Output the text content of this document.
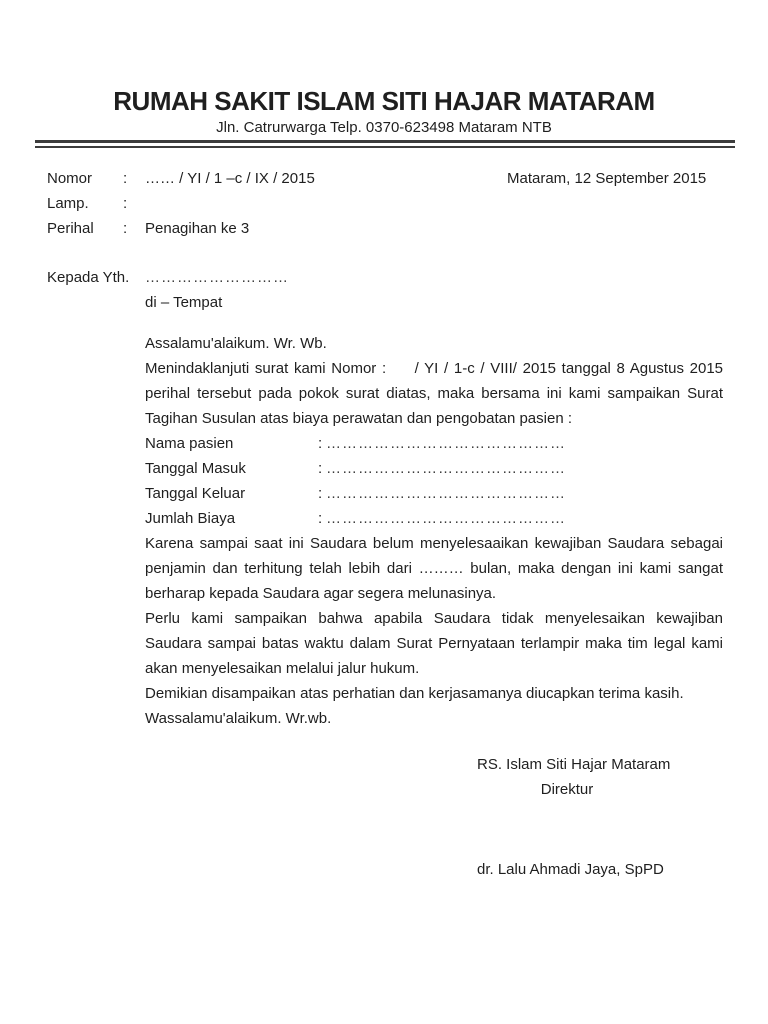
RUMAH SAKIT ISLAM SITI HAJAR MATARAM
Jln. Catrurwarga Telp. 0370-623498 Mataram NTB
Nomor	:	…… / YI / 1 –c / IX / 2015
Lamp.	:
Perihal	:	Penagihan ke 3
Mataram, 12 September 2015
Kepada Yth.	………………………
di – Tempat

Assalamu'alaikum. Wr. Wb.

Menindaklanjuti surat kami Nomor :     / YI / 1-c / VIII/ 2015 tanggal 8 Agustus 2015 perihal tersebut pada pokok surat diatas, maka bersama ini kami sampaikan Surat Tagihan Susulan atas biaya perawatan dan pengobatan pasien :

Nama pasien	: ………………………………………
Tanggal Masuk	: ………………………………………
Tanggal Keluar	: ………………………………………
Jumlah Biaya	: ………………………………………

Karena sampai saat ini Saudara belum menyelesaaikan kewajiban Saudara sebagai penjamin dan terhitung telah lebih dari ……… bulan, maka dengan ini kami sangat berharap kepada Saudara agar segera melunasinya.

Perlu kami sampaikan bahwa apabila Saudara tidak menyelesaikan kewajiban Saudara sampai batas waktu dalam Surat Pernyataan terlampir maka tim legal kami akan menyelesaikan melalui jalur hukum.

Demikian disampaikan atas perhatian dan kerjasamanya diucapkan terima kasih.

Wassalamu'alaikum. Wr.wb.

RS. Islam Siti Hajar Mataram
Direktur
dr. Lalu Ahmadi Jaya, SpPD
